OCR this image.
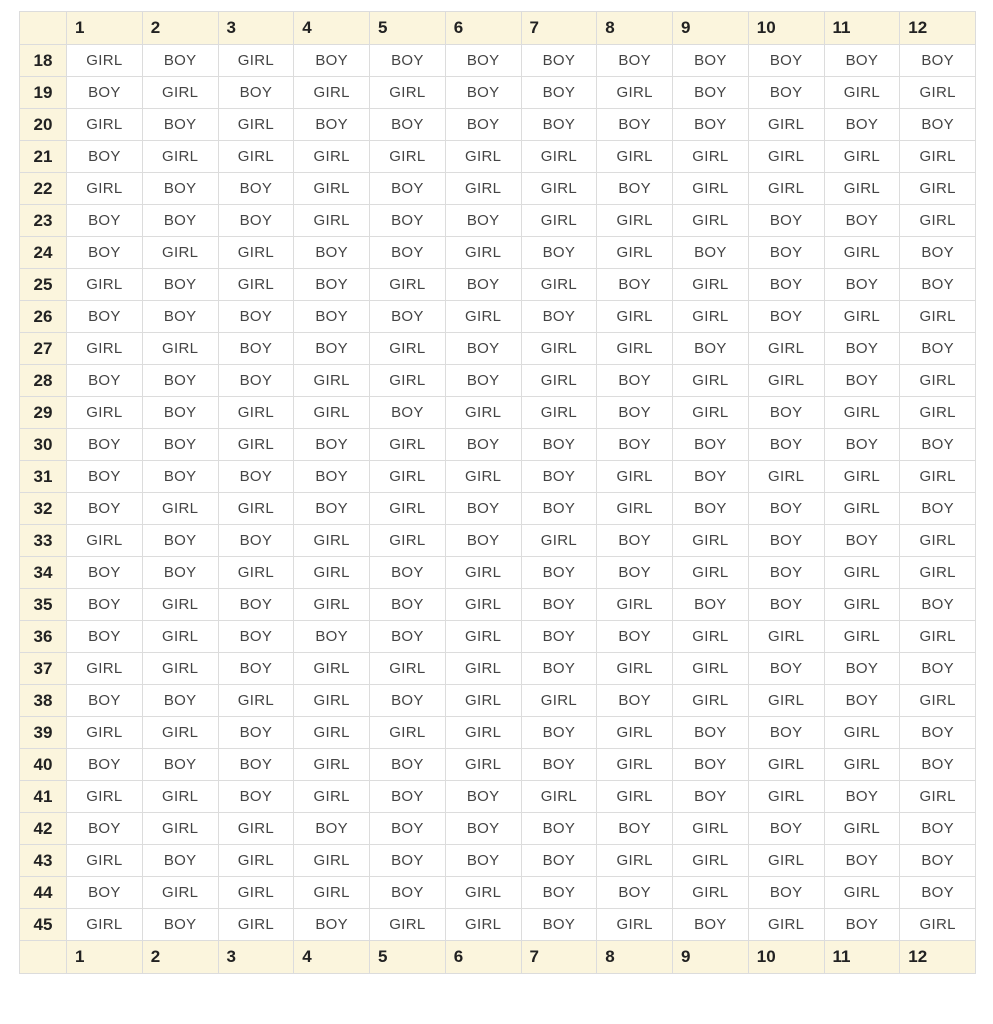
	1	2	3	4	5	6	7	8	9	10	11	12
18	GIRL	BOY	GIRL	BOY	BOY	BOY	BOY	BOY	BOY	BOY	BOY	BOY
19	BOY	GIRL	BOY	GIRL	GIRL	BOY	BOY	GIRL	BOY	BOY	GIRL	GIRL
20	GIRL	BOY	GIRL	BOY	BOY	BOY	BOY	BOY	BOY	GIRL	BOY	BOY
21	BOY	GIRL	GIRL	GIRL	GIRL	GIRL	GIRL	GIRL	GIRL	GIRL	GIRL	GIRL
22	GIRL	BOY	BOY	GIRL	BOY	GIRL	GIRL	BOY	GIRL	GIRL	GIRL	GIRL
23	BOY	BOY	BOY	GIRL	BOY	BOY	GIRL	GIRL	GIRL	BOY	BOY	GIRL
24	BOY	GIRL	GIRL	BOY	BOY	GIRL	BOY	GIRL	BOY	BOY	GIRL	BOY
25	GIRL	BOY	GIRL	BOY	GIRL	BOY	GIRL	BOY	GIRL	BOY	BOY	BOY
26	BOY	BOY	BOY	BOY	BOY	GIRL	BOY	GIRL	GIRL	BOY	GIRL	GIRL
27	GIRL	GIRL	BOY	BOY	GIRL	BOY	GIRL	GIRL	BOY	GIRL	BOY	BOY
28	BOY	BOY	BOY	GIRL	GIRL	BOY	GIRL	BOY	GIRL	GIRL	BOY	GIRL
29	GIRL	BOY	GIRL	GIRL	BOY	GIRL	GIRL	BOY	GIRL	BOY	GIRL	GIRL
30	BOY	BOY	GIRL	BOY	GIRL	BOY	BOY	BOY	BOY	BOY	BOY	BOY
31	BOY	BOY	BOY	BOY	GIRL	GIRL	BOY	GIRL	BOY	GIRL	GIRL	GIRL
32	BOY	GIRL	GIRL	BOY	GIRL	BOY	BOY	GIRL	BOY	BOY	GIRL	BOY
33	GIRL	BOY	BOY	GIRL	GIRL	BOY	GIRL	BOY	GIRL	BOY	BOY	GIRL
34	BOY	BOY	GIRL	GIRL	BOY	GIRL	BOY	BOY	GIRL	BOY	GIRL	GIRL
35	BOY	GIRL	BOY	GIRL	BOY	GIRL	BOY	GIRL	BOY	BOY	GIRL	BOY
36	BOY	GIRL	BOY	BOY	BOY	GIRL	BOY	BOY	GIRL	GIRL	GIRL	GIRL
37	GIRL	GIRL	BOY	GIRL	GIRL	GIRL	BOY	GIRL	GIRL	BOY	BOY	BOY
38	BOY	BOY	GIRL	GIRL	BOY	GIRL	GIRL	BOY	GIRL	GIRL	BOY	GIRL
39	GIRL	GIRL	BOY	GIRL	GIRL	GIRL	BOY	GIRL	BOY	BOY	GIRL	BOY
40	BOY	BOY	BOY	GIRL	BOY	GIRL	BOY	GIRL	BOY	GIRL	GIRL	BOY
41	GIRL	GIRL	BOY	GIRL	BOY	BOY	GIRL	GIRL	BOY	GIRL	BOY	GIRL
42	BOY	GIRL	GIRL	BOY	BOY	BOY	BOY	BOY	GIRL	BOY	GIRL	BOY
43	GIRL	BOY	GIRL	GIRL	BOY	BOY	BOY	GIRL	GIRL	GIRL	BOY	BOY
44	BOY	GIRL	GIRL	GIRL	BOY	GIRL	BOY	BOY	GIRL	BOY	GIRL	BOY
45	GIRL	BOY	GIRL	BOY	GIRL	GIRL	BOY	GIRL	BOY	GIRL	BOY	GIRL
	1	2	3	4	5	6	7	8	9	10	11	12
